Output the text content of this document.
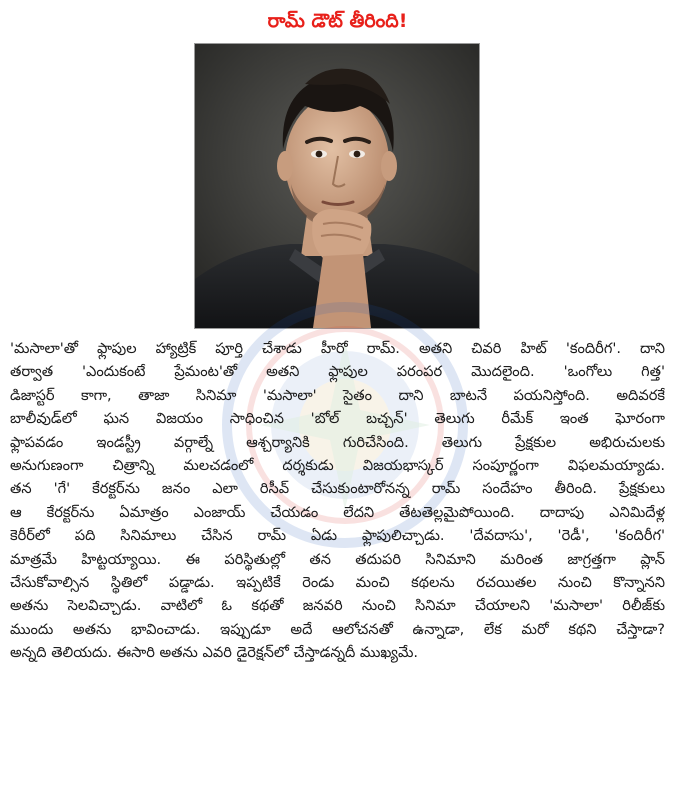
రామ్ డౌట్ తీరింది!

'మసాలా'తో ఫ్లాపుల హ్యాట్రిక్ పూర్తి చేశాడు హీరో రామ్. అతని చివరి హిట్ 'కందిరీగ'. దాని

తర్వాత 'ఎందుకంటే ప్రేమంట'తో అతని ఫ్లాపుల పరంపర మొదలైంది. 'ఒంగోలు గిత్త'

డిజాస్టర్ కాగా, తాజా సినిమా 'మసాలా' సైతం దాని బాటనే పయనిస్తోంది. అదివరకే

బాలీవుడ్‌లో ఘన విజయం సాధించిన 'బోల్ బచ్చన్' తెలుగు రీమేక్ ఇంత ఘోరంగా

ఫ్లాపవడం ఇండస్ట్రీ వర్గాల్నే ఆశ్చర్యానికి గురిచేసింది. తెలుగు ప్రేక్షకుల అభిరుచులకు

అనుగుణంగా చిత్రాన్ని మలచడంలో దర్శకుడు విజయభాస్కర్ సంపూర్ణంగా విఫలమయ్యాడు.

తన 'గే' కేరక్టర్‌ను జనం ఎలా రిసీవ్ చేసుకుంటారోనన్న రామ్ సందేహం తీరింది. ప్రేక్షకులు

ఆ కేరక్టర్‌ను ఏమాత్రం ఎంజాయ్ చేయడం లేదని తేటతెల్లమైపోయింది. దాదాపు ఎనిమిదేళ్ల

కెరీర్‌లో పది సినిమాలు చేసిన రామ్ ఏడు ఫ్లాపులిచ్చాడు. 'దేవదాసు', 'రెడీ', 'కందిరీగ'

మాత్రమే హిట్టయ్యాయి. ఈ పరిస్థితుల్లో తన తదుపరి సినిమాని మరింత జాగ్రత్తగా ప్లాన్

చేసుకోవాల్సిన స్థితిలో పడ్డాడు. ఇప్పటికే రెండు మంచి కథలను రచయితల నుంచి కొన్నానని

అతను సెలవిచ్చాడు. వాటిలో ఓ కథతో జనవరి నుంచి సినిమా చేయాలని 'మసాలా' రిలీజ్‌కు

ముందు అతను భావించాడు. ఇప్పుడూ అదే ఆలోచనతో ఉన్నాడా, లేక మరో కథని చేస్తాడా?

అన్నది తెలియదు. ఈసారి అతను ఎవరి డైరెక్షన్‌లో చేస్తాడన్నదీ ముఖ్యమే.
